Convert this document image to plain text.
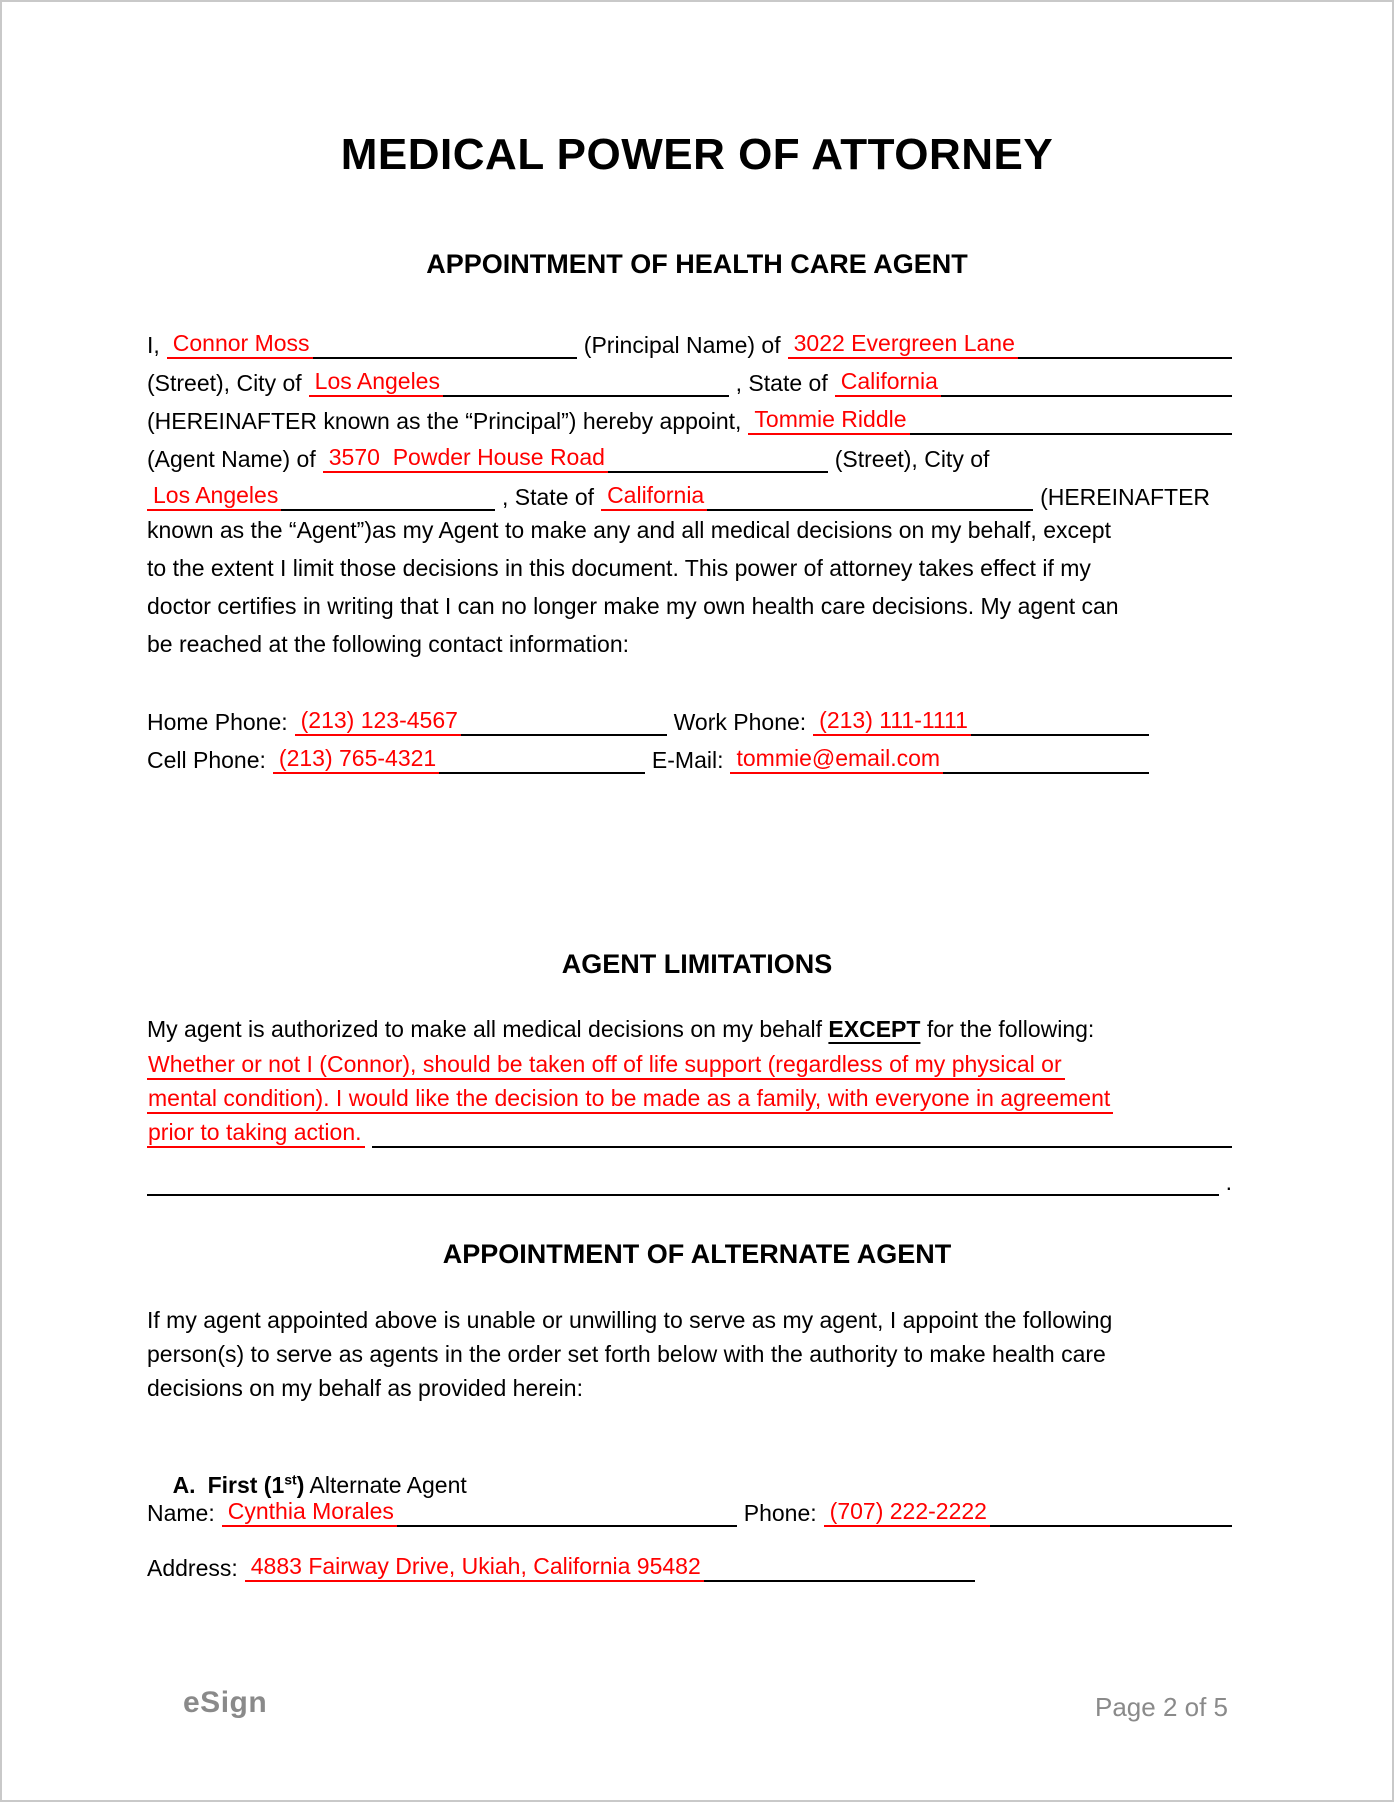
MEDICAL POWER OF ATTORNEY
APPOINTMENT OF HEALTH CARE AGENT
I, Connor Moss	(Principal Name) of 3022 Evergreen Lane
(Street), City of Los Angeles	, State of California
(HEREINAFTER known as the “Principal”) hereby appoint, Tommie Riddle
(Agent Name) of 3570  Powder House Road	(Street), City of
Los Angeles	, State of California	(HEREINAFTER
known as the “Agent”)as my Agent to make any and all medical decisions on my behalf, except
to the extent I limit those decisions in this document. This power of attorney takes effect if my
doctor certifies in writing that I can no longer make my own health care decisions. My agent can
be reached at the following contact information:
Home Phone: (213) 123-4567	Work Phone: (213) 111-1111
Cell Phone: (213) 765-4321	E-Mail: tommie@email.com
AGENT LIMITATIONS
My agent is authorized to make all medical decisions on my behalf EXCEPT for the following:
Whether or not I (Connor), should be taken off of life support (regardless of my physical or
mental condition). I would like the decision to be made as a family, with everyone in agreement
prior to taking action.
.
APPOINTMENT OF ALTERNATE AGENT
If my agent appointed above is unable or unwilling to serve as my agent, I appoint the following
person(s) to serve as agents in the order set forth below with the authority to make health care
decisions on my behalf as provided herein:

A. First (1st) Alternate Agent

Name: Cynthia Morales	Phone: (707) 222-2222
Address: 4883 Fairway Drive, Ukiah, California 95482
eSign	Page 2 of 5
